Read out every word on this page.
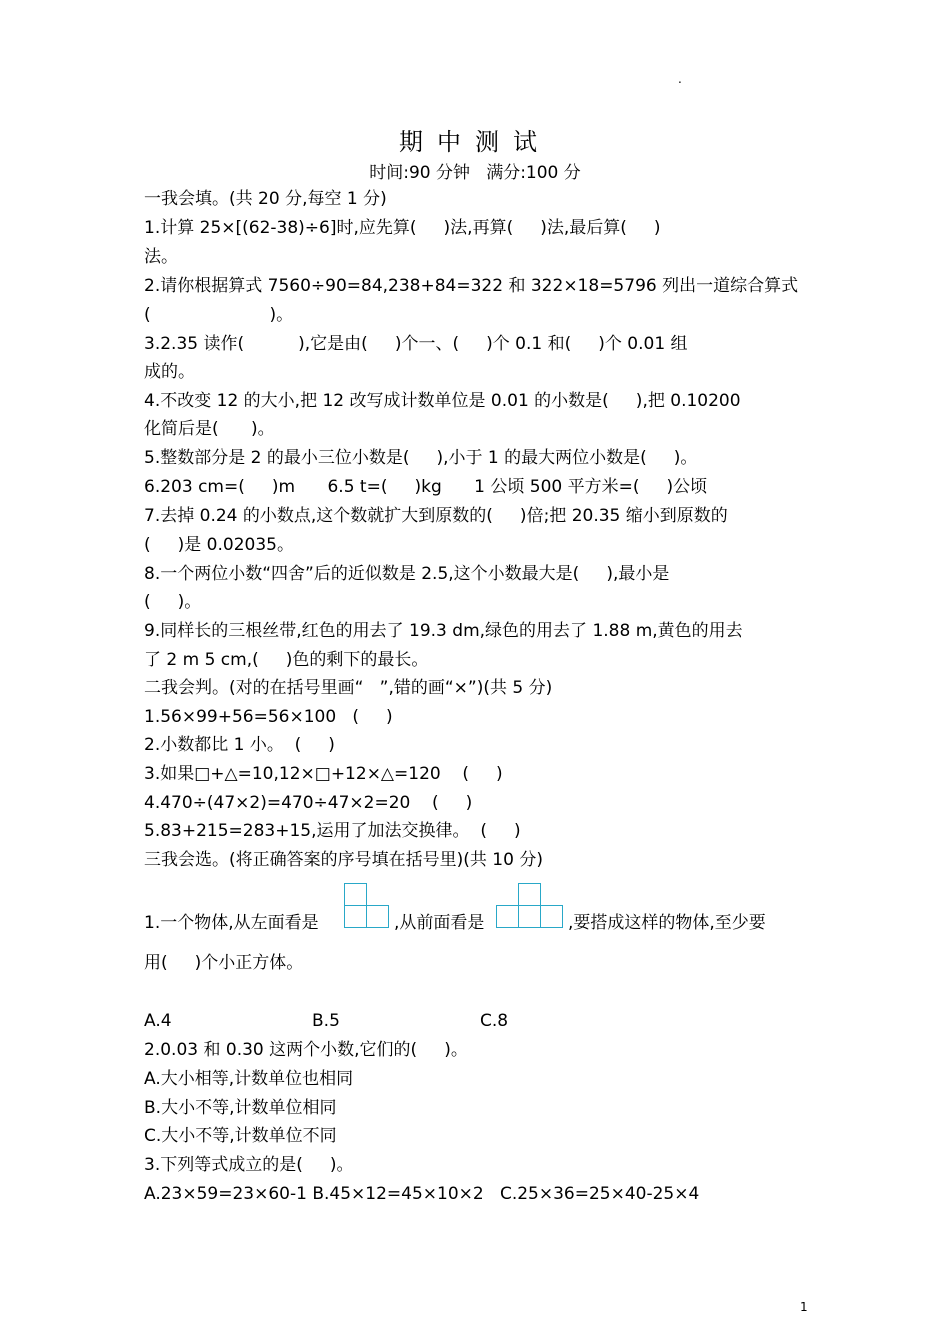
.
期中测试
时间:90 分钟   满分:100 分
一我会填。(共 20 分,每空 1 分)
1.计算 25×[(62-38)÷6]时,应先算(     )法,再算(     )法,最后算(     )
法。
2.请你根据算式 7560÷90=84,238+84=322 和 322×18=5796 列出一道综合算式
(                      )。
3.2.35 读作(          ),它是由(     )个一、(     )个 0.1 和(     )个 0.01 组
成的。
4.不改变 12 的大小,把 12 改写成计数单位是 0.01 的小数是(     ),把 0.10200
化简后是(      )。
5.整数部分是 2 的最小三位小数是(     ),小于 1 的最大两位小数是(     )。
6.203 cm=(     )m      6.5 t=(     )kg      1 公顷 500 平方米=(     )公顷
7.去掉 0.24 的小数点,这个数就扩大到原数的(     )倍;把 20.35 缩小到原数的
(     )是 0.02035。
8.一个两位小数“四舍”后的近似数是 2.5,这个小数最大是(     ),最小是
(     )。
9.同样长的三根丝带,红色的用去了 19.3 dm,绿色的用去了 1.88 m,黄色的用去
了 2 m 5 cm,(     )色的剩下的最长。
二我会判。(对的在括号里画“   ”,错的画“×”)(共 5 分)
1.56×99+56=56×100   (     )
2.小数都比 1 小。  (     )
3.如果□+△=10,12×□+12×△=120    (     )
4.470÷(47×2)=470÷47×2=20    (     )
5.83+215=283+15,运用了加法交换律。  (     )
三我会选。(将正确答案的序号填在括号里)(共 10 分)
1.一个物体,从左面看是	,从前面看是	,要搭成这样的物体,至少要
用(     )个小正方体。
A.4	B.5	C.8
2.0.03 和 0.30 这两个小数,它们的(     )。
A.大小相等,计数单位也相同
B.大小不等,计数单位相同
C.大小不等,计数单位不同
3.下列等式成立的是(     )。
A.23×59=23×60-1 B.45×12=45×10×2   C.25×36=25×40-25×4
1
